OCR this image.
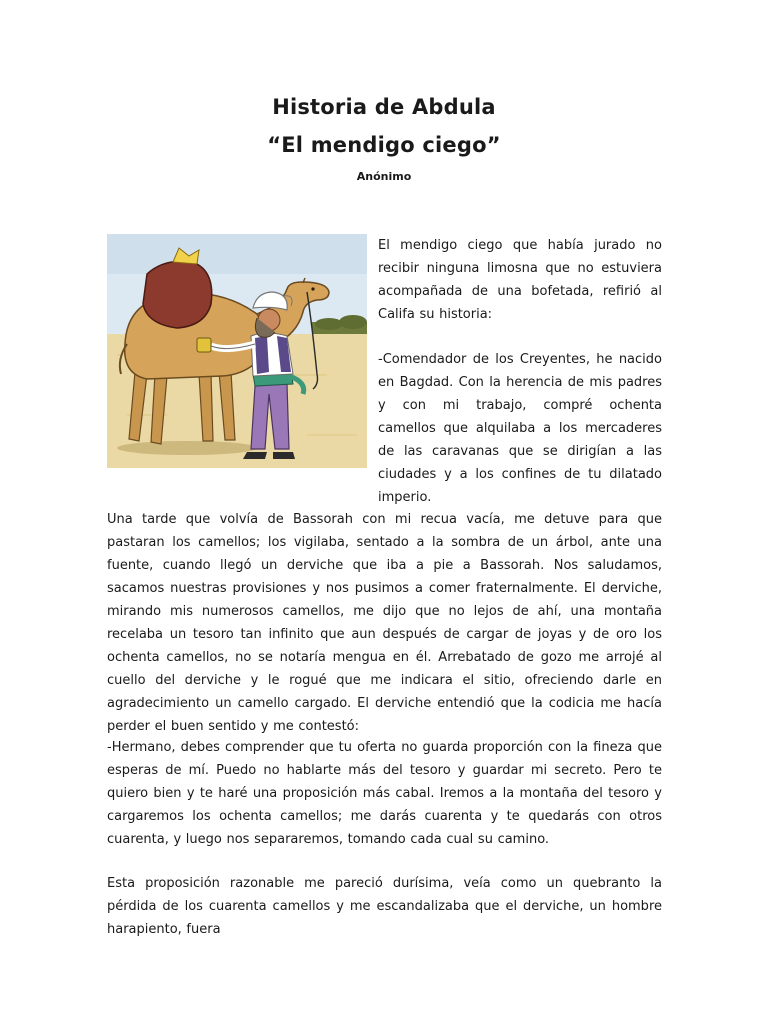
Historia de Abdula
“El mendigo ciego”
Anónimo

El mendigo ciego que había jurado no recibir ninguna limosna que no estuviera acompañada de una bofetada, refirió al Califa su historia:

-Comendador de los Creyentes, he nacido en Bagdad. Con la herencia de mis padres y con mi trabajo, compré ochenta camellos que alquilaba a los mercaderes de las caravanas que se dirigían a las ciudades y a los confines de tu dilatado imperio.

Una tarde que volvía de Bassorah con mi recua vacía, me detuve para que pastaran los camellos; los vigilaba, sentado a la sombra de un árbol, ante una fuente, cuando llegó un derviche que iba a pie a Bassorah. Nos saludamos, sacamos nuestras provisiones y nos pusimos a comer fraternalmente. El derviche, mirando mis numerosos camellos, me dijo que no lejos de ahí, una montaña recelaba un tesoro tan infinito que aun después de cargar de joyas y de oro los ochenta camellos, no se notaría mengua en él. Arrebatado de gozo me arrojé al cuello del derviche y le rogué que me indicara el sitio, ofreciendo darle en agradecimiento un camello cargado. El derviche entendió que la codicia me hacía perder el buen sentido y me contestó:

-Hermano, debes comprender que tu oferta no guarda proporción con la fineza que esperas de mí. Puedo no hablarte más del tesoro y guardar mi secreto. Pero te quiero bien y te haré una proposición más cabal. Iremos a la montaña del tesoro y cargaremos los ochenta camellos; me darás cuarenta y te quedarás con otros cuarenta, y luego nos separaremos, tomando cada cual su camino.

Esta proposición razonable me pareció durísima, veía como un quebranto la pérdida de los cuarenta camellos y me escandalizaba que el derviche, un hombre harapiento, fuera
